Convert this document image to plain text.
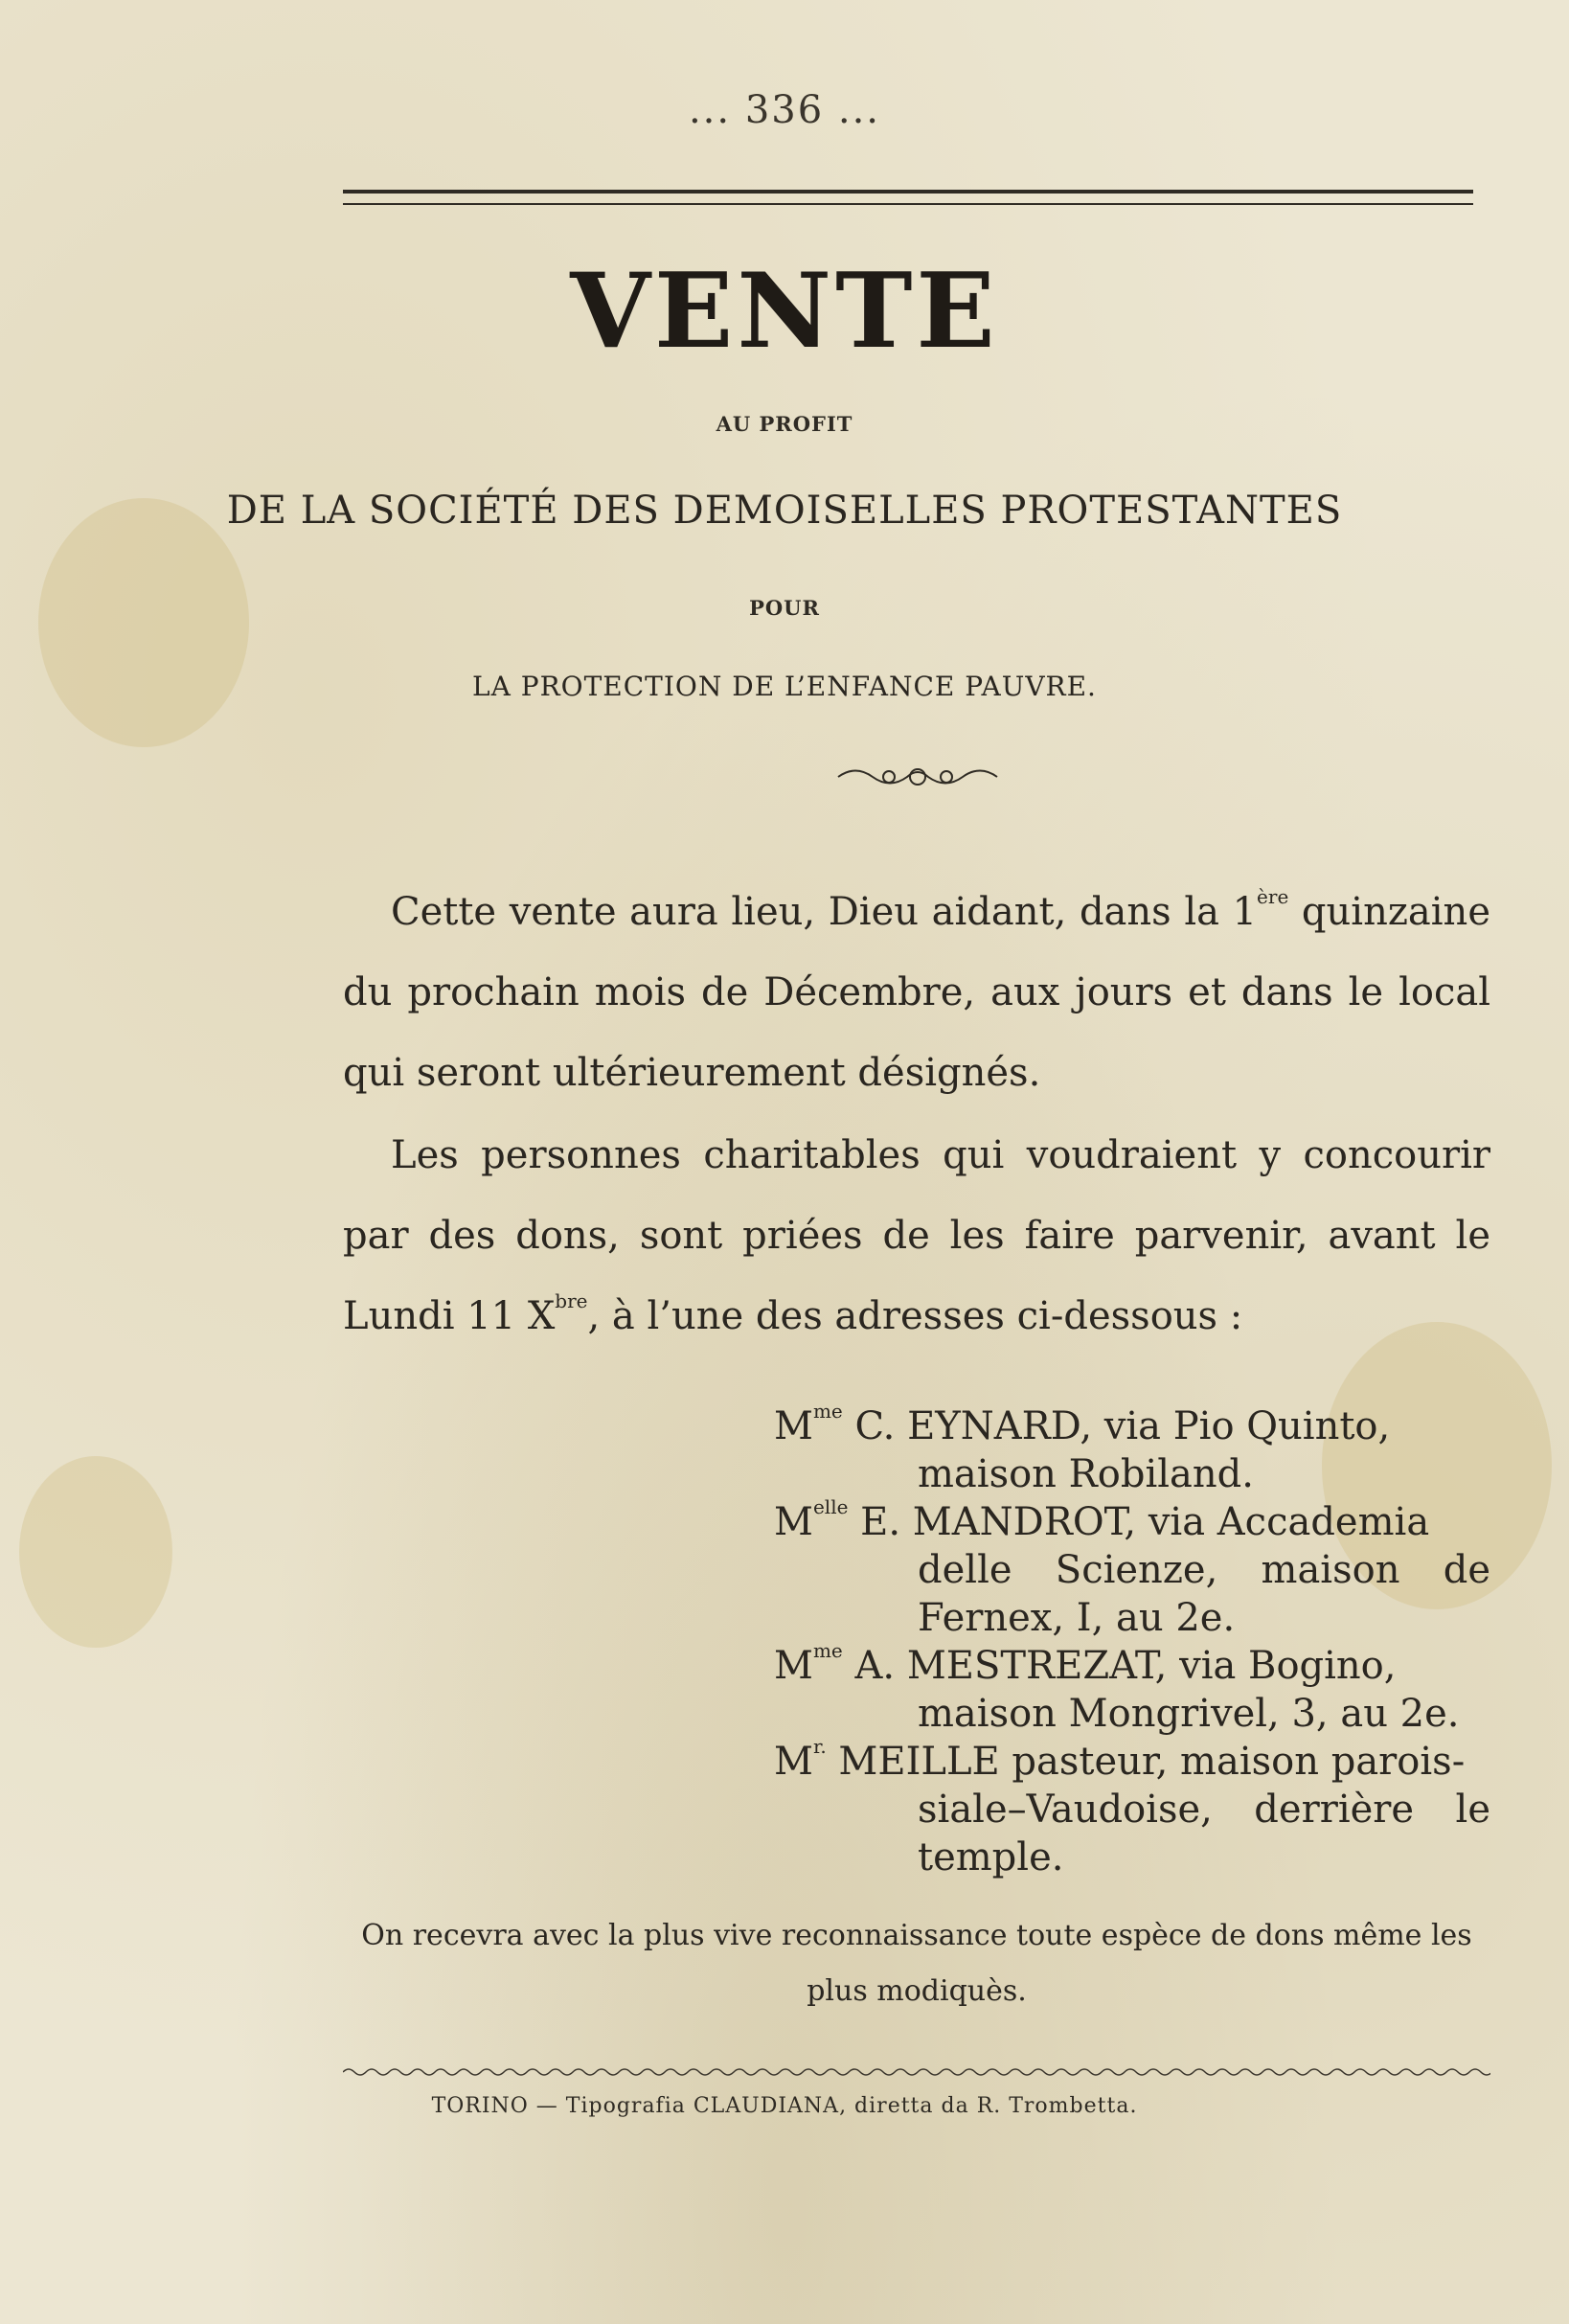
... 336 ...
VENTE
AU PROFIT
DE LA SOCIÉTÉ DES DEMOISELLES PROTESTANTES
POUR
LA PROTECTION DE L’ENFANCE PAUVRE.
Cette vente aura lieu, Dieu aidant, dans la 1ère quinzaine du prochain mois de Décembre, aux jours et dans le local qui seront ultérieurement désignés.
Les personnes charitables qui voudraient y concourir par des dons, sont priées de les faire parvenir, avant le Lundi 11 $X^{bre}$, à l’une des adresses ci-dessous :
$M^{me}$ C. EYNARD, via Pio Quinto,
maison Robiland.
$M^{elle}$ E. MANDROT, via Accademia
delle Scienze, maison de Fernex, I, au 2e.
$M^{me}$ A. MESTREZAT, via Bogino,
maison Mongrivel, 3, au 2e.
$M^{r.}$ MEILLE pasteur, maison parois-
siale–Vaudoise, derrière le temple.
On recevra avec la plus vive reconnaissance toute espèce de dons même les plus modiquès.
TORINO — Tipografia CLAUDIANA, diretta da R. Trombetta.
